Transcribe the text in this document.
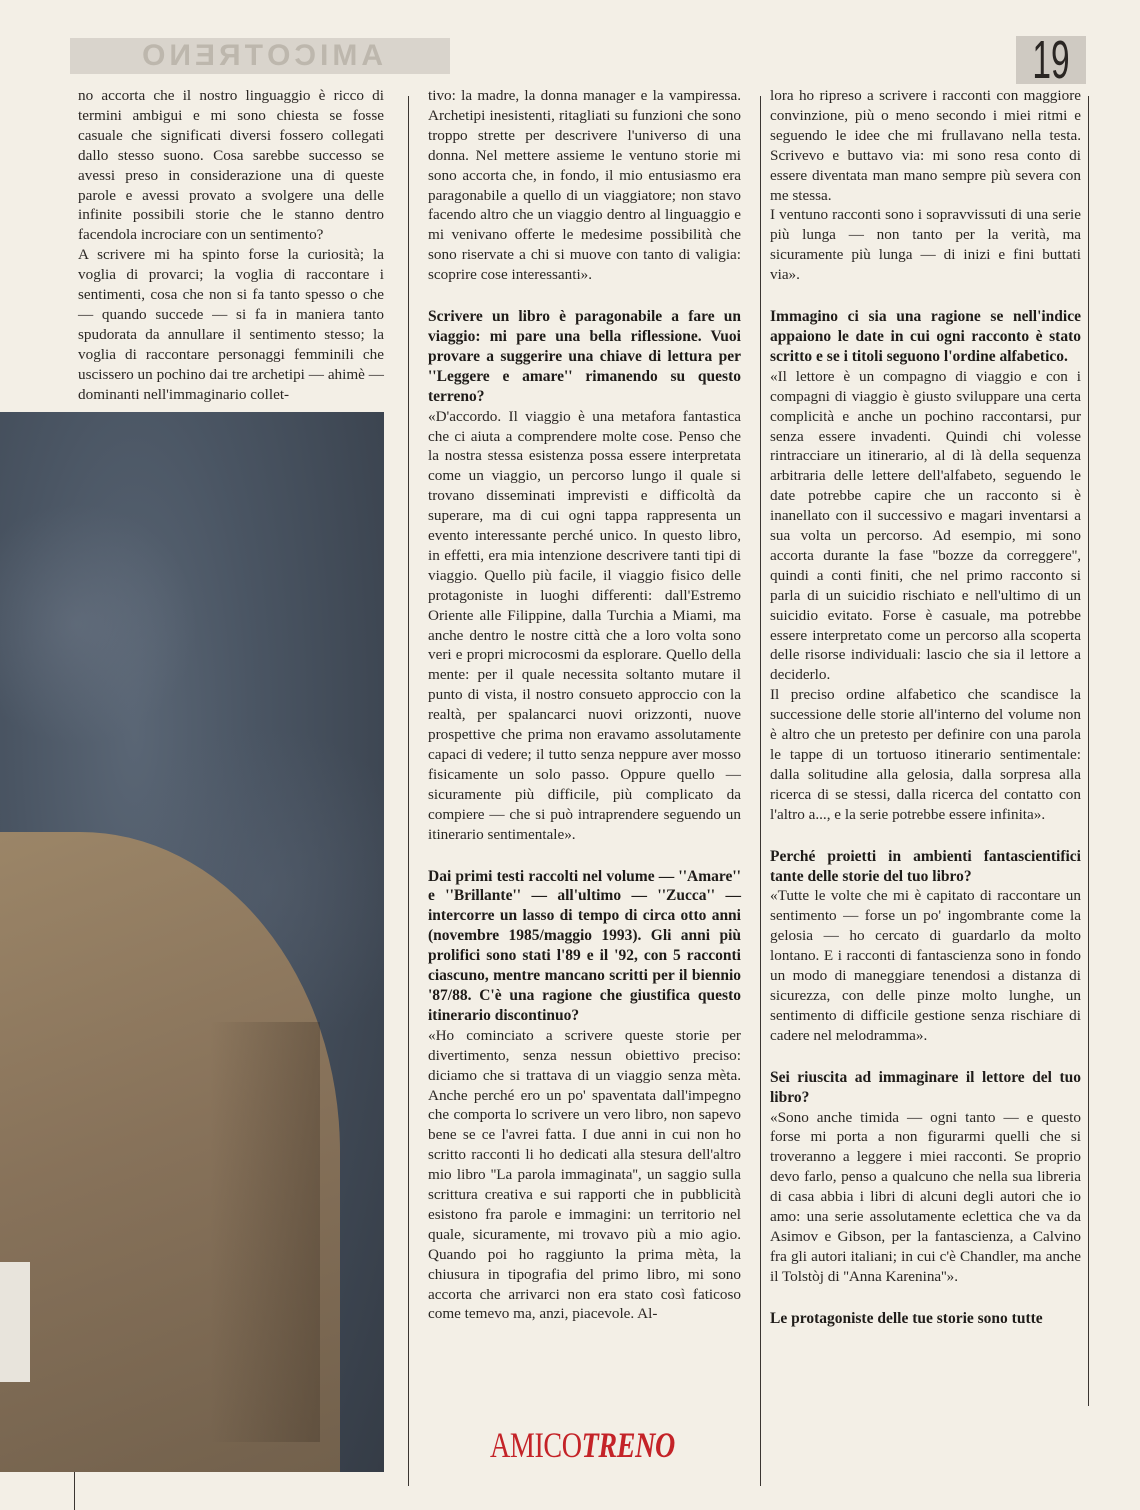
AMICOTRENO	19

no accorta che il nostro linguaggio è ricco di termini ambigui e mi sono chiesta se fosse casuale che significati diversi fossero collegati dallo stesso suono. Cosa sarebbe successo se avessi preso in considerazione una di queste parole e avessi provato a svolgere una delle infinite possibili storie che le stanno dentro facendola incrociare con un sentimento?

A scrivere mi ha spinto forse la curiosità; la voglia di provarci; la voglia di raccontare i sentimenti, cosa che non si fa tanto spesso o che — quando succede — si fa in maniera tanto spudorata da annullare il sentimento stesso; la voglia di raccontare personaggi femminili che uscissero un pochino dai tre archetipi — ahimè — dominanti nell'immaginario collet-

tivo: la madre, la donna manager e la vampiressa. Archetipi inesistenti, ritagliati su funzioni che sono troppo strette per descrivere l'universo di una donna. Nel mettere assieme le ventuno storie mi sono accorta che, in fondo, il mio entusiasmo era paragonabile a quello di un viaggiatore; non stavo facendo altro che un viaggio dentro al linguaggio e mi venivano offerte le medesime possibilità che sono riservate a chi si muove con tanto di valigia: scoprire cose interessanti».

Scrivere un libro è paragonabile a fare un viaggio: mi pare una bella riflessione. Vuoi provare a suggerire una chiave di lettura per ''Leggere e amare'' rimanendo su questo terreno?

«D'accordo. Il viaggio è una metafora fantastica che ci aiuta a comprendere molte cose. Penso che la nostra stessa esistenza possa essere interpretata come un viaggio, un percorso lungo il quale si trovano disseminati imprevisti e difficoltà da superare, ma di cui ogni tappa rappresenta un evento interessante perché unico. In questo libro, in effetti, era mia intenzione descrivere tanti tipi di viaggio. Quello più facile, il viaggio fisico delle protagoniste in luoghi differenti: dall'Estremo Oriente alle Filippine, dalla Turchia a Miami, ma anche dentro le nostre città che a loro volta sono veri e propri microcosmi da esplorare. Quello della mente: per il quale necessita soltanto mutare il punto di vista, il nostro consueto approccio con la realtà, per spalancarci nuovi orizzonti, nuove prospettive che prima non eravamo assolutamente capaci di vedere; il tutto senza neppure aver mosso fisicamente un solo passo. Oppure quello — sicuramente più difficile, più complicato da compiere — che si può intraprendere seguendo un itinerario sentimentale».

Dai primi testi raccolti nel volume — ''Amare'' e ''Brillante'' — all'ultimo — ''Zucca'' — intercorre un lasso di tempo di circa otto anni (novembre 1985/maggio 1993). Gli anni più prolifici sono stati l'89 e il '92, con 5 racconti ciascuno, mentre mancano scritti per il biennio '87/88. C'è una ragione che giustifica questo itinerario discontinuo?

«Ho cominciato a scrivere queste storie per divertimento, senza nessun obiettivo preciso: diciamo che si trattava di un viaggio senza mèta. Anche perché ero un po' spaventata dall'impegno che comporta lo scrivere un vero libro, non sapevo bene se ce l'avrei fatta. I due anni in cui non ho scritto racconti li ho dedicati alla stesura dell'altro mio libro ''La parola immaginata'', un saggio sulla scrittura creativa e sui rapporti che in pubblicità esistono fra parole e immagini: un territorio nel quale, sicuramente, mi trovavo più a mio agio. Quando poi ho raggiunto la prima mèta, la chiusura in tipografia del primo libro, mi sono accorta che arrivarci non era stato così faticoso come temevo ma, anzi, piacevole. Al-

lora ho ripreso a scrivere i racconti con maggiore convinzione, più o meno secondo i miei ritmi e seguendo le idee che mi frullavano nella testa. Scrivevo e buttavo via: mi sono resa conto di essere diventata man mano sempre più severa con me stessa.

I ventuno racconti sono i sopravvissuti di una serie più lunga — non tanto per la verità, ma sicuramente più lunga — di inizi e fini buttati via».

Immagino ci sia una ragione se nell'indice appaiono le date in cui ogni racconto è stato scritto e se i titoli seguono l'ordine alfabetico.

«Il lettore è un compagno di viaggio e con i compagni di viaggio è giusto sviluppare una certa complicità e anche un pochino raccontarsi, pur senza essere invadenti. Quindi chi volesse rintracciare un itinerario, al di là della sequenza arbitraria delle lettere dell'alfabeto, seguendo le date potrebbe capire che un racconto si è inanellato con il successivo e magari inventarsi a sua volta un percorso. Ad esempio, mi sono accorta durante la fase ''bozze da correggere'', quindi a conti finiti, che nel primo racconto si parla di un suicidio rischiato e nell'ultimo di un suicidio evitato. Forse è casuale, ma potrebbe essere interpretato come un percorso alla scoperta delle risorse individuali: lascio che sia il lettore a deciderlo.

Il preciso ordine alfabetico che scandisce la successione delle storie all'interno del volume non è altro che un pretesto per definire con una parola le tappe di un tortuoso itinerario sentimentale: dalla solitudine alla gelosia, dalla sorpresa alla ricerca di se stessi, dalla ricerca del contatto con l'altro a..., e la serie potrebbe essere infinita».

Perché proietti in ambienti fantascientifici tante delle storie del tuo libro?

«Tutte le volte che mi è capitato di raccontare un sentimento — forse un po' ingombrante come la gelosia — ho cercato di guardarlo da molto lontano. E i racconti di fantascienza sono in fondo un modo di maneggiare tenendosi a distanza di sicurezza, con delle pinze molto lunghe, un sentimento di difficile gestione senza rischiare di cadere nel melodramma».

Sei riuscita ad immaginare il lettore del tuo libro?

«Sono anche timida — ogni tanto — e questo forse mi porta a non figurarmi quelli che si troveranno a leggere i miei racconti. Se proprio devo farlo, penso a qualcuno che nella sua libreria di casa abbia i libri di alcuni degli autori che io amo: una serie assolutamente eclettica che va da Asimov e Gibson, per la fantascienza, a Calvino fra gli autori italiani; in cui c'è Chandler, ma anche il Tolstòj di ''Anna Karenina''».

Le protagoniste delle tue storie sono tutte

AMICOTRENO
